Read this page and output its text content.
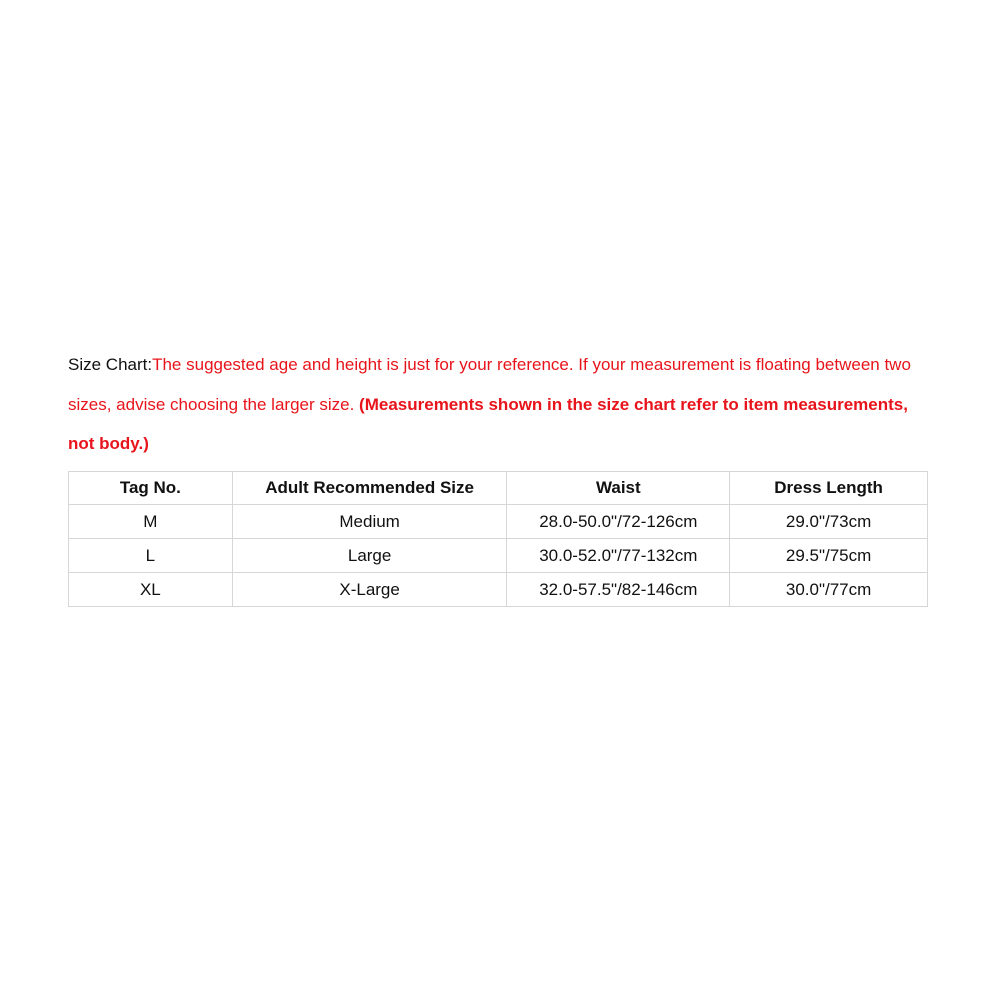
Size Chart:The suggested age and height is just for your reference. If your measurement is floating between two sizes, advise choosing the larger size. (Measurements shown in the size chart refer to item measurements, not body.)
Tag No.	Adult Recommended Size	Waist	Dress Length
M	Medium	28.0-50.0"/72-126cm	29.0"/73cm
L	Large	30.0-52.0"/77-132cm	29.5"/75cm
XL	X-Large	32.0-57.5"/82-146cm	30.0"/77cm
